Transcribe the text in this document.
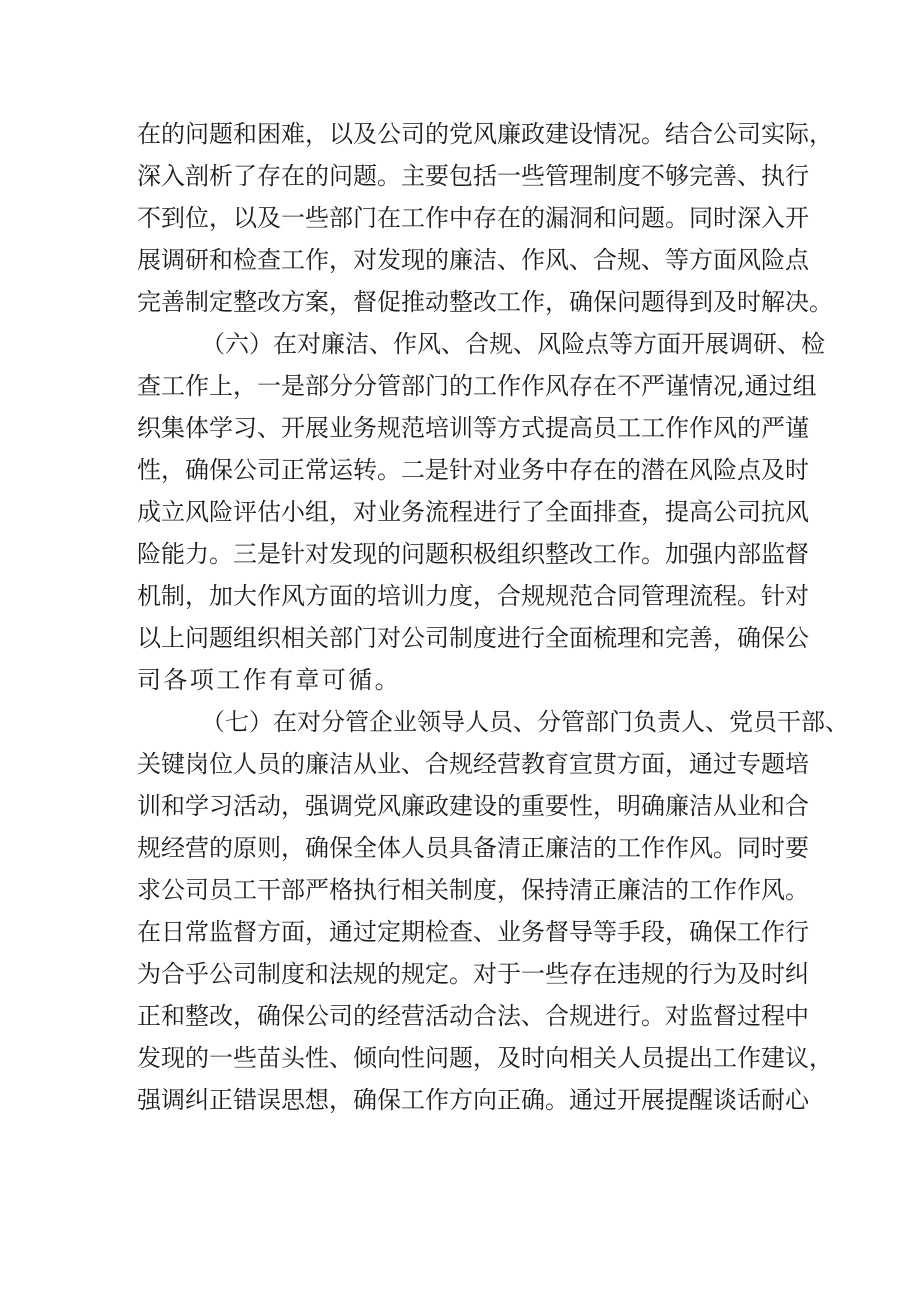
在的问题和困难，以及公司的党风廉政建设情况。结合公司实际，
深入剖析了存在的问题。主要包括一些管理制度不够完善、执行
不到位，以及一些部门在工作中存在的漏洞和问题。同时深入开
展调研和检查工作，对发现的廉洁、作风、合规、等方面风险点
完善制定整改方案，督促推动整改工作，确保问题得到及时解决。
（六）在对廉洁、作风、合规、风险点等方面开展调研、检
查工作上，一是部分分管部门的工作作风存在不严谨情况,通过组
织集体学习、开展业务规范培训等方式提高员工工作作风的严谨
性，确保公司正常运转。二是针对业务中存在的潜在风险点及时
成立风险评估小组，对业务流程进行了全面排查，提高公司抗风
险能力。三是针对发现的问题积极组织整改工作。加强内部监督
机制，加大作风方面的培训力度，合规规范合同管理流程。针对
以上问题组织相关部门对公司制度进行全面梳理和完善，确保公
司各项工作有章可循。
（七）在对分管企业领导人员、分管部门负责人、党员干部、
关键岗位人员的廉洁从业、合规经营教育宣贯方面，通过专题培
训和学习活动，强调党风廉政建设的重要性，明确廉洁从业和合
规经营的原则，确保全体人员具备清正廉洁的工作作风。同时要
求公司员工干部严格执行相关制度，保持清正廉洁的工作作风。
在日常监督方面，通过定期检查、业务督导等手段，确保工作行
为合乎公司制度和法规的规定。对于一些存在违规的行为及时纠
正和整改，确保公司的经营活动合法、合规进行。对监督过程中
发现的一些苗头性、倾向性问题，及时向相关人员提出工作建议，
强调纠正错误思想，确保工作方向正确。通过开展提醒谈话耐心
